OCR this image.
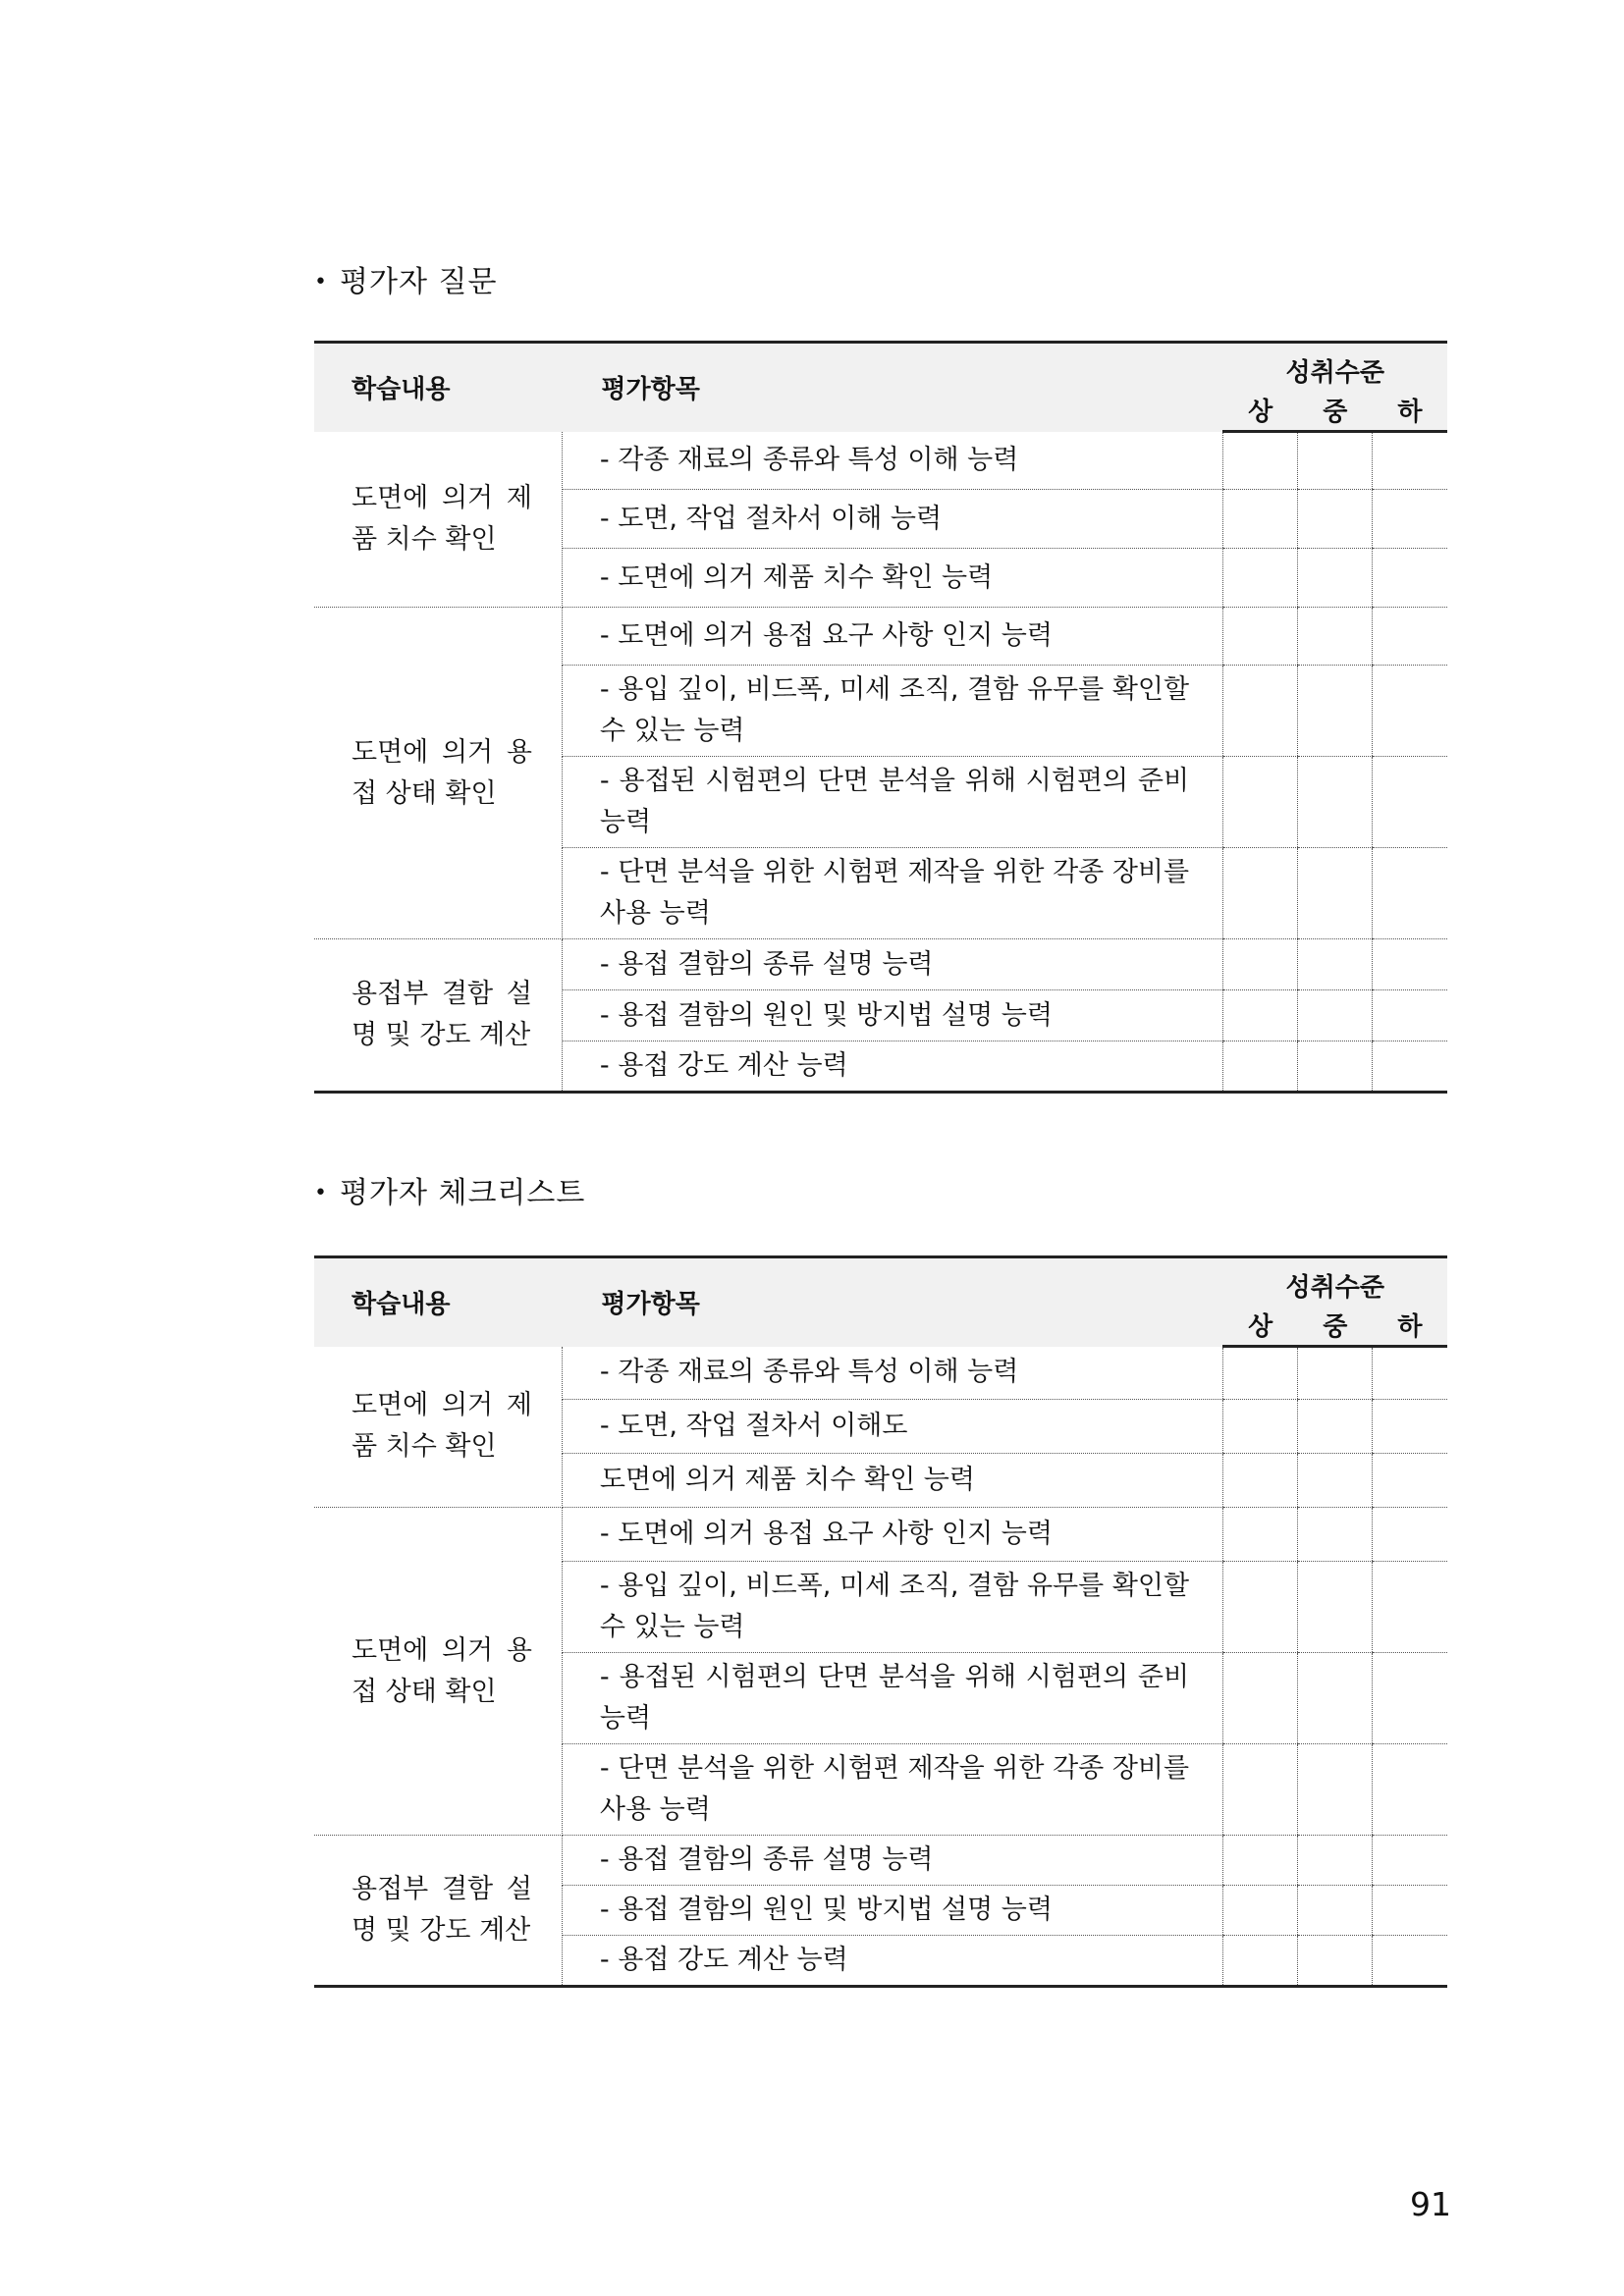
• 평가자 질문
학습내용	평가항목	성취수준		
		상	중	하
도면에 의거 제품 치수 확인	- 각종 재료의 종류와 특성 이해 능력			

	- 도면, 작업 절차서 이해 능력			

	- 도면에 의거 제품 치수 확인 능력			

도면에 의거 용접 상태 확인	- 도면에 의거 용접 요구 사항 인지 능력			

	- 용입 깊이, 비드폭, 미세 조직, 결함 유무를 확인할 수 있는 능력			

	- 용접된 시험편의 단면 분석을 위해 시험편의 준비 능력			

	- 단면 분석을 위한 시험편 제작을 위한 각종 장비를 사용 능력			

용접부 결함 설명 및 강도 계산	- 용접 결함의 종류 설명 능력			

	- 용접 결함의 원인 및 방지법 설명 능력			

	- 용접 강도 계산 능력			

• 평가자 체크리스트
학습내용	평가항목	성취수준		
		상	중	하
도면에 의거 제품 치수 확인	- 각종 재료의 종류와 특성 이해 능력			

	- 도면, 작업 절차서 이해도			

	도면에 의거 제품 치수 확인 능력			

도면에 의거 용접 상태 확인	- 도면에 의거 용접 요구 사항 인지 능력			

	- 용입 깊이, 비드폭, 미세 조직, 결함 유무를 확인할 수 있는 능력			

	- 용접된 시험편의 단면 분석을 위해 시험편의 준비 능력			

	- 단면 분석을 위한 시험편 제작을 위한 각종 장비를 사용 능력			

용접부 결함 설명 및 강도 계산	- 용접 결함의 종류 설명 능력			

	- 용접 결함의 원인 및 방지법 설명 능력			

	- 용접 강도 계산 능력			

91
